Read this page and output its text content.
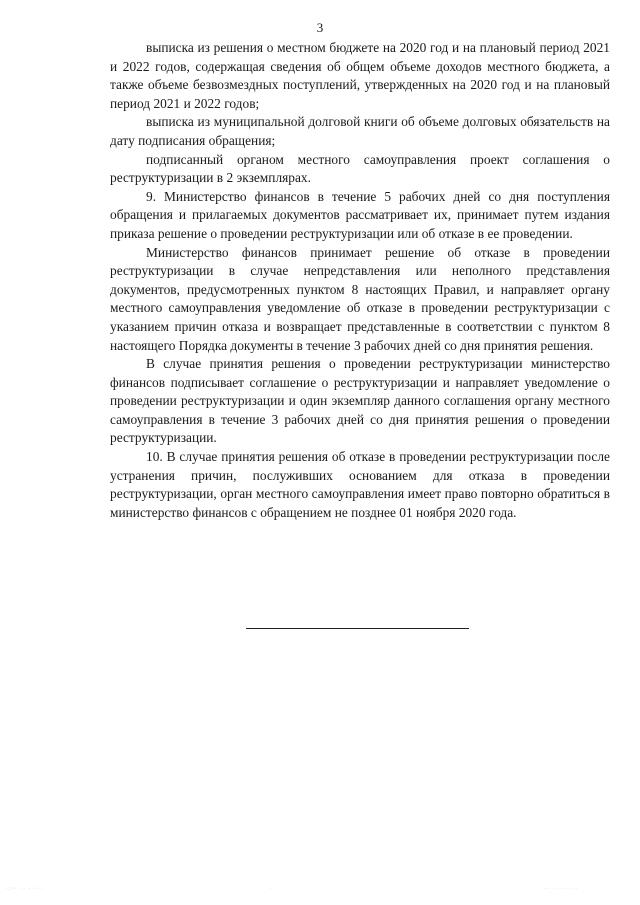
3

выписка из решения о местном бюджете на 2020 год и на плановый период 2021 и 2022 годов, содержащая сведения об общем объеме доходов местного бюджета, а также объеме безвозмездных поступлений, утвержденных на 2020 год и на плановый период 2021 и 2022 годов;

выписка из муниципальной долговой книги об объеме долговых обязательств на дату подписания обращения;

подписанный органом местного самоуправления проект соглашения о реструктуризации в 2 экземплярах.

9. Министерство финансов в течение 5 рабочих дней со дня поступления обращения и прилагаемых документов рассматривает их, принимает путем издания приказа решение о проведении реструктуризации или об отказе в ее проведении.

Министерство финансов принимает решение об отказе в проведении реструктуризации в случае непредставления или неполного представления документов, предусмотренных пунктом 8 настоящих Правил, и направляет органу местного самоуправления уведомление об отказе в проведении реструктуризации с указанием причин отказа и возвращает представленные в соответствии с пунктом 8 настоящего Порядка документы в течение 3 рабочих дней со дня принятия решения.

В случае принятия решения о проведении реструктуризации министерство финансов подписывает соглашение о реструктуризации и направляет уведомление о проведении реструктуризации и один экземпляр данного соглашения органу местного самоуправления в течение 3 рабочих дней со дня принятия решения о проведении реструктуризации.

10. В случае принятия решения об отказе в проведении реструктуризации после устранения причин, послуживших основанием для отказа в проведении реструктуризации, орган местного самоуправления имеет право повторно обратиться в министерство финансов с обращением не позднее 01 ноября 2020 года.

·:·· ·· ·····	·	·· ·· ·· ···
